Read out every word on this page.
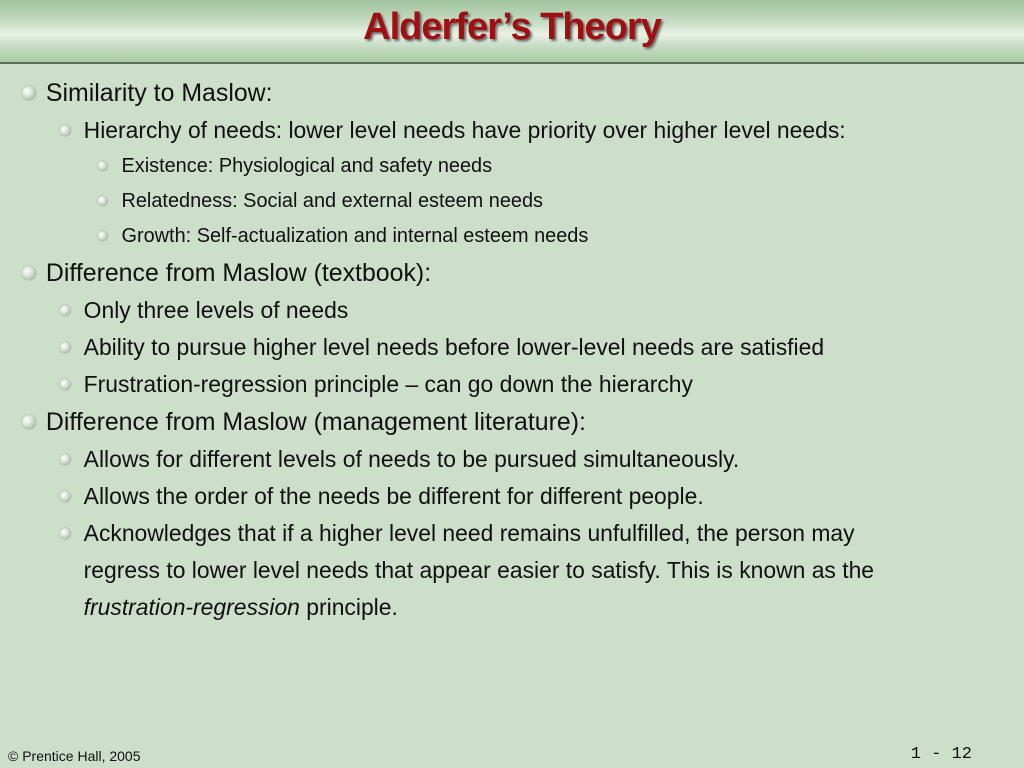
Alderfer’s Theory
Similarity to Maslow:
Hierarchy of needs: lower level needs have priority over higher level needs:
Existence: Physiological and safety needs
Relatedness: Social and external esteem needs
Growth: Self-actualization and internal esteem needs
Difference from Maslow (textbook):
Only three levels of needs
Ability to pursue higher level needs before lower-level needs are satisfied
Frustration-regression principle – can go down the hierarchy
Difference from Maslow (management literature):
Allows for different levels of needs to be pursued simultaneously.
Allows the order of the needs be different for different people.
Acknowledges that if a higher level need remains unfulfilled, the person may
regress to lower level needs that appear easier to satisfy. This is known as the
frustration-regression principle.
© Prentice Hall, 2005	1 - 12
